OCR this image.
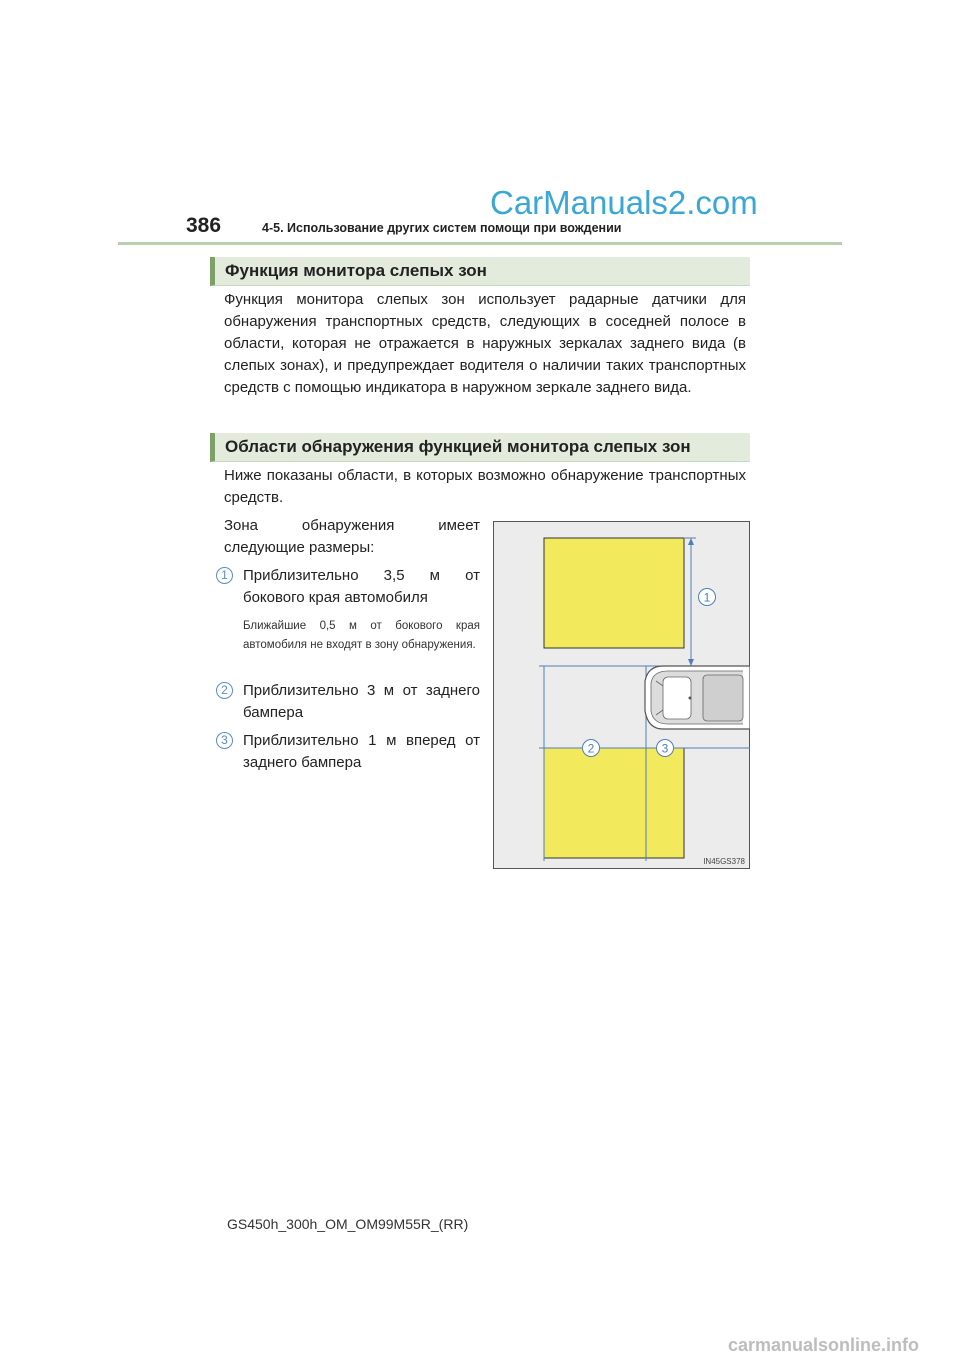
CarManuals2.com
386	4-5. Использование других систем помощи при вождении
Функция монитора слепых зон
Функция монитора слепых зон использует радарные датчики для обнаружения транспортных средств, следующих в соседней полосе в области, которая не отражается в наружных зеркалах заднего вида (в слепых зонах), и предупреждает водителя о наличии таких транспортных средств с помощью индикатора в наружном зеркале заднего вида.
Области обнаружения функцией монитора слепых зон
Ниже показаны области, в которых возможно обнаружение транспортных средств.
Зона обнаружения имеет следующие размеры:
1	Приблизительно 3,5 м от бокового края автомобиля
Ближайшие 0,5 м от бокового края автомобиля не входят в зону обнаружения.
2	Приблизительно 3 м от заднего бампера
3	Приблизительно 1 м вперед от заднего бампера
1
2	3
IN45GS378
GS450h_300h_OM_OM99M55R_(RR)
carmanualsonline.info
